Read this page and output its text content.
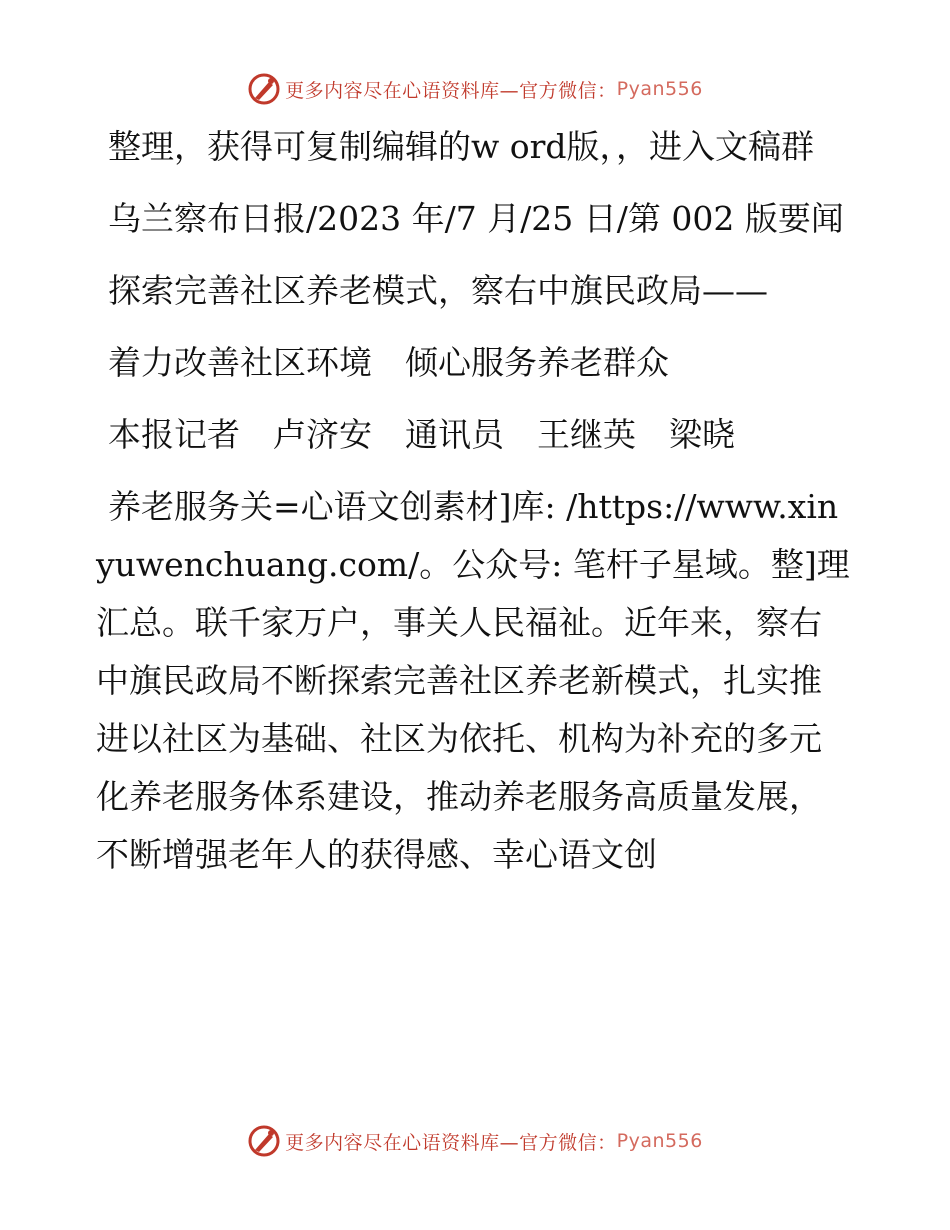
更多内容尽在心语资料库—官方微信： Pyan556

整理，获得可复制编辑的w ord版，，进入文稿群

乌兰察布日报/2023 年/7 月/25 日/第 002 版要闻

探索完善社区养老模式，察右中旗民政局——

着力改善社区环境　倾心服务养老群众

本报记者　卢济安　通讯员　王继英　梁晓

养老服务关=心语文创素材]库: /https://www.xinyuwenchuang.com/。公众号: 笔杆子星域。整]理汇总。联千家万户，事关人民福祉。近年来，察右中旗民政局不断探索完善社区养老新模式，扎实推进以社区为基础、社区为依托、机构为补充的多元化养老服务体系建设，推动养老服务高质量发展，不断增强老年人的获得感、幸心语文创

更多内容尽在心语资料库—官方微信： Pyan556
